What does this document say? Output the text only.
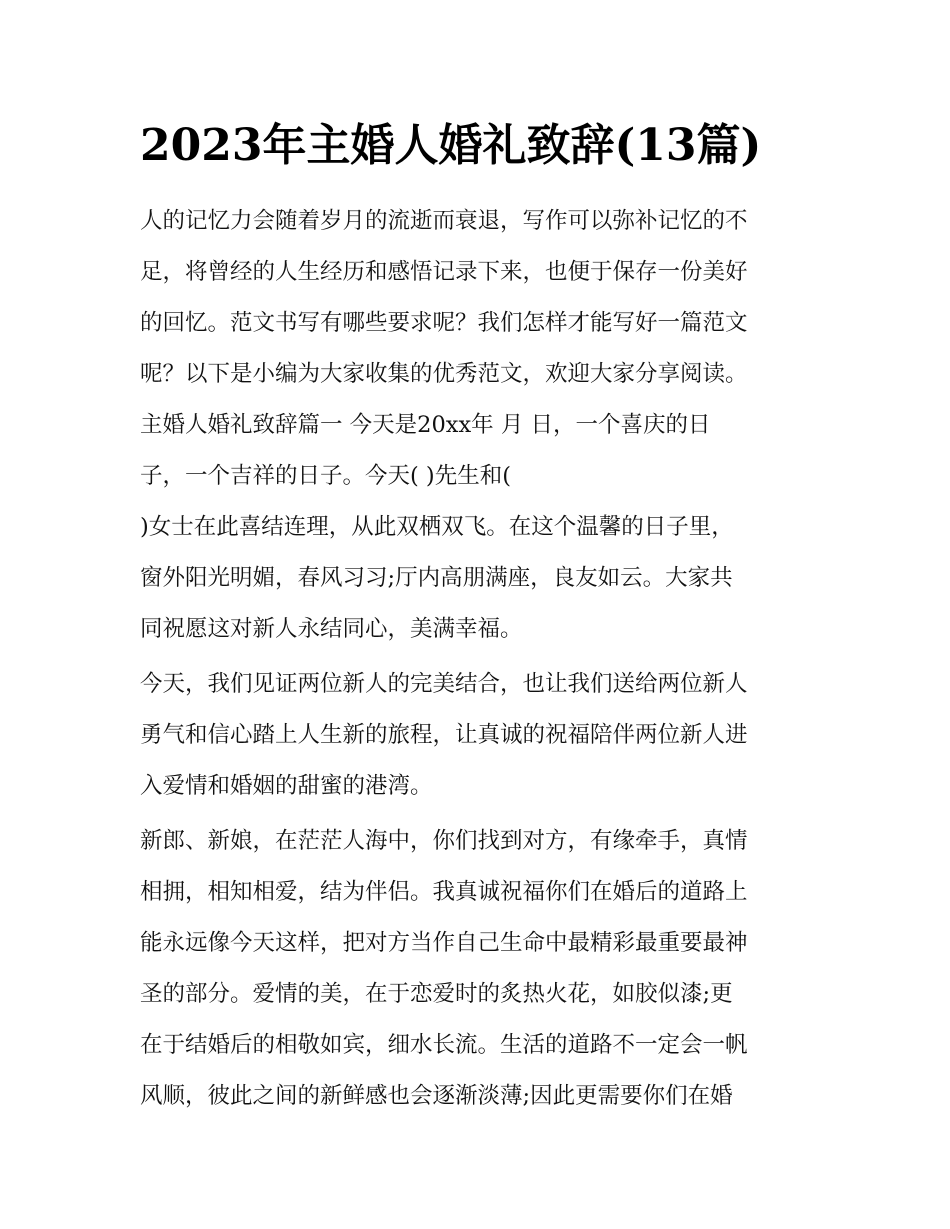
2023年主婚人婚礼致辞(13篇)
人的记忆力会随着岁月的流逝而衰退，写作可以弥补记忆的不
足，将曾经的人生经历和感悟记录下来，也便于保存一份美好
的回忆。范文书写有哪些要求呢？我们怎样才能写好一篇范文
呢？以下是小编为大家收集的优秀范文，欢迎大家分享阅读。
主婚人婚礼致辞篇一 今天是20xx年 月 日，一个喜庆的日
子，一个吉祥的日子。今天( )先生和(
)女士在此喜结连理，从此双栖双飞。在这个温馨的日子里，
窗外阳光明媚，春风习习;厅内高朋满座，良友如云。大家共
同祝愿这对新人永结同心，美满幸福。
今天，我们见证两位新人的完美结合，也让我们送给两位新人
勇气和信心踏上人生新的旅程，让真诚的祝福陪伴两位新人进
入爱情和婚姻的甜蜜的港湾。
新郎、新娘，在茫茫人海中，你们找到对方，有缘牵手，真情
相拥，相知相爱，结为伴侣。我真诚祝福你们在婚后的道路上
能永远像今天这样，把对方当作自己生命中最精彩最重要最神
圣的部分。爱情的美，在于恋爱时的炙热火花，如胶似漆;更
在于结婚后的相敬如宾，细水长流。生活的道路不一定会一帆
风顺，彼此之间的新鲜感也会逐渐淡薄;因此更需要你们在婚
